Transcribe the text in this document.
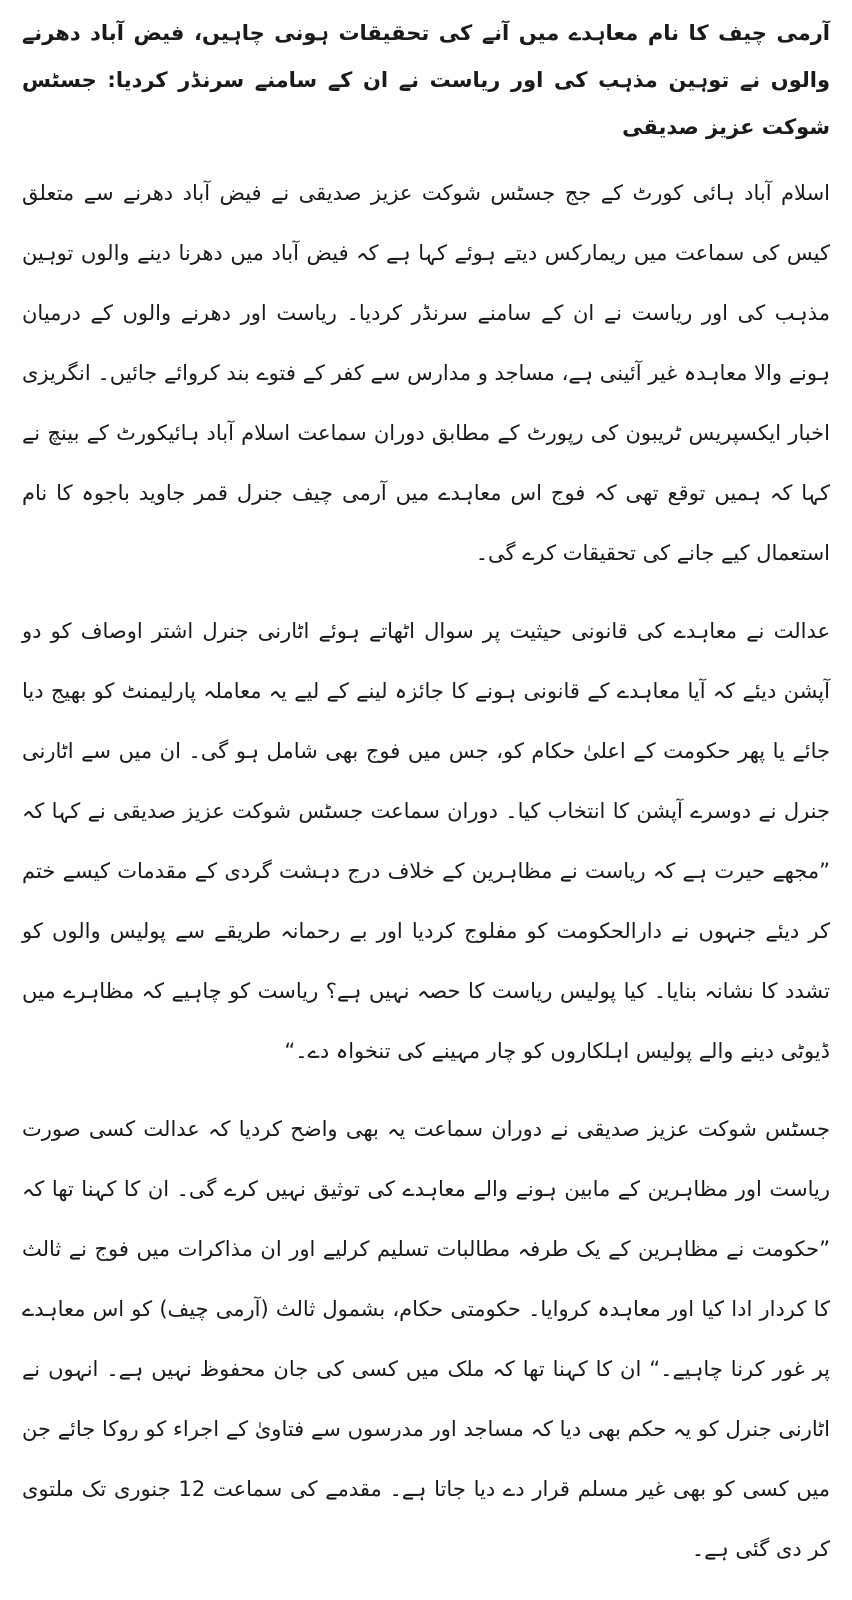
آرمی چیف کا نام معاہدے میں آنے کی تحقیقات ہونی چاہیں، فیض آباد دھرنے والوں نے توہین مذہب کی اور ریاست نے ان کے سامنے سرنڈر کردیا: جسٹس شوکت عزیز صدیقی

اسلام آباد ہائی کورٹ کے جج جسٹس شوکت عزیز صدیقی نے فیض آباد دھرنے سے متعلق کیس کی سماعت میں ریمارکس دیتے ہوئے کہا ہے کہ فیض آباد میں دھرنا دینے والوں توہین مذہب کی اور ریاست نے ان کے سامنے سرنڈر کردیا۔ ریاست اور دھرنے والوں کے درمیان ہونے والا معاہدہ غیر آئینی ہے، مساجد و مدارس سے کفر کے فتوے بند کروائے جائیں۔ انگریزی اخبار ایکسپریس ٹریبون کی رپورٹ کے مطابق دوران سماعت اسلام آباد ہائیکورٹ کے بینچ نے کہا کہ ہمیں توقع تھی کہ فوج اس معاہدے میں آرمی چیف جنرل قمر جاوید باجوہ کا نام استعمال کیے جانے کی تحقیقات کرے گی۔

عدالت نے معاہدے کی قانونی حیثیت پر سوال اٹھاتے ہوئے اٹارنی جنرل اشتر اوصاف کو دو آپشن دیئے کہ آیا معاہدے کے قانونی ہونے کا جائزہ لینے کے لیے یہ معاملہ پارلیمنٹ کو بھیج دیا جائے یا پھر حکومت کے اعلیٰ حکام کو، جس میں فوج بھی شامل ہو گی۔ ان میں سے اٹارنی جنرل نے دوسرے آپشن کا انتخاب کیا۔ دوران سماعت جسٹس شوکت عزیز صدیقی نے کہا کہ ”مجھے حیرت ہے کہ ریاست نے مظاہرین کے خلاف درج دہشت گردی کے مقدمات کیسے ختم کر دیئے جنہوں نے دارالحکومت کو مفلوج کردیا اور بے رحمانہ طریقے سے پولیس والوں کو تشدد کا نشانہ بنایا۔ کیا پولیس ریاست کا حصہ نہیں ہے؟ ریاست کو چاہیے کہ مظاہرے میں ڈیوٹی دینے والے پولیس اہلکاروں کو چار مہینے کی تنخواہ دے۔“

جسٹس شوکت عزیز صدیقی نے دوران سماعت یہ بھی واضح کردیا کہ عدالت کسی صورت ریاست اور مظاہرین کے مابین ہونے والے معاہدے کی توثیق نہیں کرے گی۔ ان کا کہنا تھا کہ ”حکومت نے مظاہرین کے یک طرفہ مطالبات تسلیم کرلیے اور ان مذاکرات میں فوج نے ثالث کا کردار ادا کیا اور معاہدہ کروایا۔ حکومتی حکام، بشمول ثالث (آرمی چیف) کو اس معاہدے پر غور کرنا چاہیے۔“ ان کا کہنا تھا کہ ملک میں کسی کی جان محفوظ نہیں ہے۔ انہوں نے اٹارنی جنرل کو یہ حکم بھی دیا کہ مساجد اور مدرسوں سے فتاویٰ کے اجراء کو روکا جائے جن میں کسی کو بھی غیر مسلم قرار دے دیا جاتا ہے۔ مقدمے کی سماعت 12 جنوری تک ملتوی کر دی گئی ہے۔
